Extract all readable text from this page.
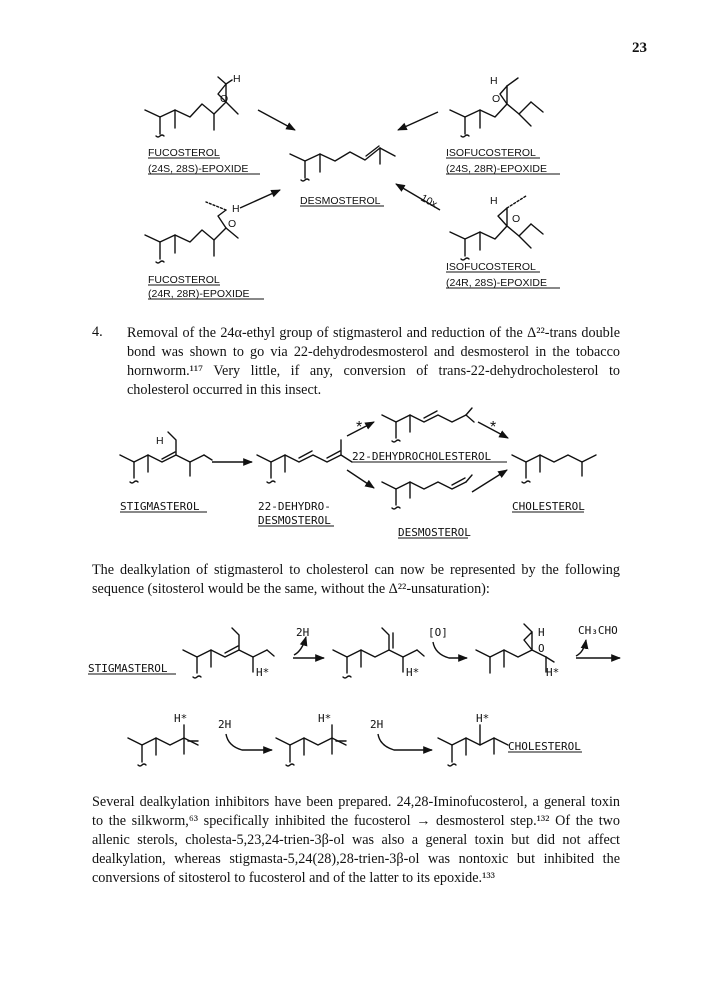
23
H
O
FUCOSTEROL
(24S, 28S)-EPOXIDE
H
O
ISOFUCOSTEROL
(24S, 28R)-EPOXIDE
DESMOSTEROL
H
O
FUCOSTEROL
(24R, 28R)-EPOXIDE
H
O
ISOFUCOSTEROL
(24R, 28S)-EPOXIDE
10x
4. Removal of the 24α-ethyl group of stigmasterol and reduction of the Δ²²-trans double bond was shown to go via 22-dehydrodesmosterol and desmosterol in the tobacco hornworm.¹¹⁷ Very little, if any, conversion of trans-22-dehydrocholesterol to cholesterol occurred in this insect.
H
STIGMASTEROL	22-DEHYDRO-
DESMOSTEROL
*
22-DEHYDROCHOLESTEROL
*
DESMOSTEROL
CHOLESTEROL
The dealkylation of stigmasterol to cholesterol can now be represented by the following sequence (sitosterol would be the same, without the Δ²²-unsaturation):
STIGMASTEROL	H*
2H
H*
[O]	H
O
H*
CH₃CHO
H*	2H	H*	2H	H*
CHOLESTEROL
Several dealkylation inhibitors have been prepared. 24,28-Iminofucosterol, a general toxin to the silkworm,⁶³ specifically inhibited the fucosterol → desmosterol step.¹³² Of the two allenic sterols, cholesta-5,23,24-trien-3β-ol was also a general toxin but did not affect dealkylation, whereas stigmasta-5,24(28),28-trien-3β-ol was nontoxic but inhibited the conversions of sitosterol to fucosterol and of the latter to its epoxide.¹³³
